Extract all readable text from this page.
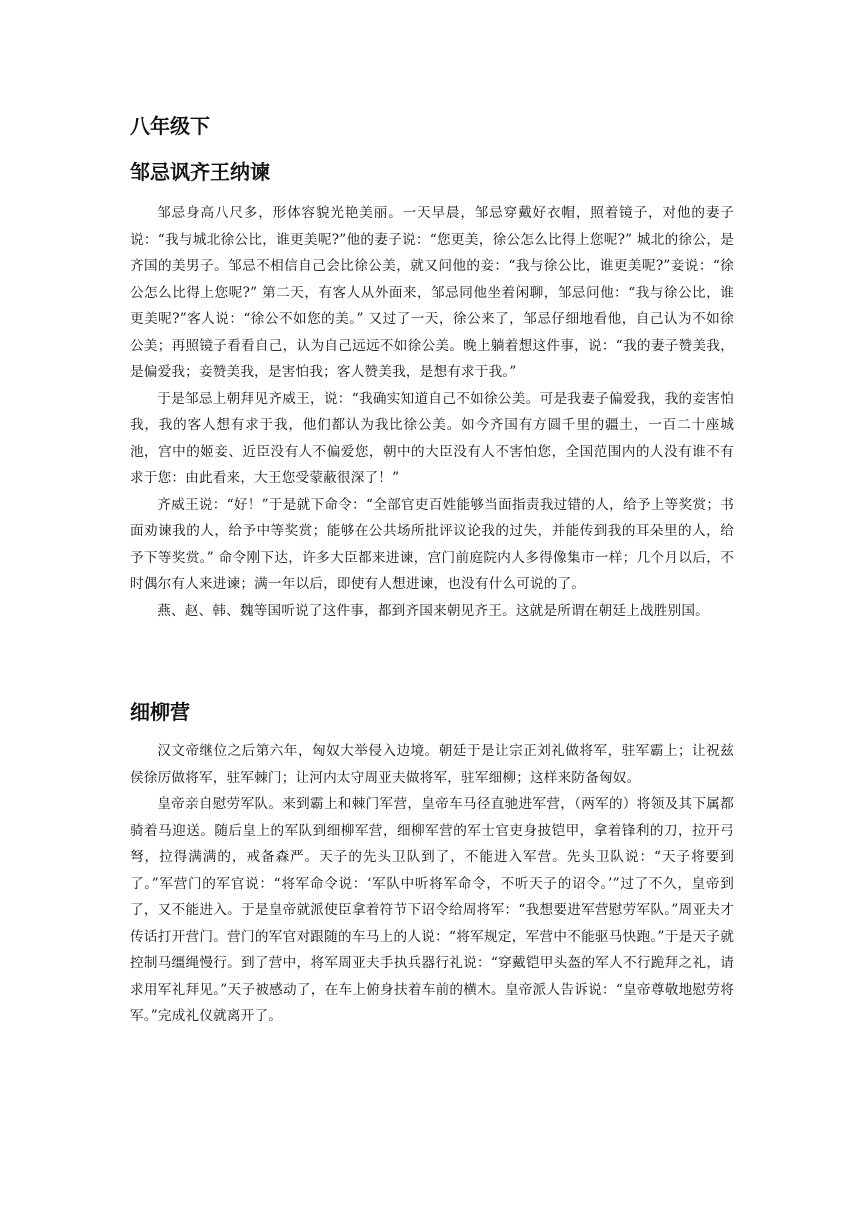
八年级下
邹忌讽齐王纳谏

邹忌身高八尺多，形体容貌光艳美丽。一天早晨，邹忌穿戴好衣帽，照着镜子，对他的妻子说：“我与城北徐公比，谁更美呢?”他的妻子说：“您更美，徐公怎么比得上您呢?” 城北的徐公，是齐国的美男子。邹忌不相信自己会比徐公美，就又问他的妾：“我与徐公比，谁更美呢?”妾说：“徐公怎么比得上您呢?” 第二天，有客人从外面来，邹忌同他坐着闲聊，邹忌问他：“我与徐公比，谁更美呢?”客人说：“徐公不如您的美。” 又过了一天，徐公来了，邹忌仔细地看他，自己认为不如徐公美；再照镜子看看自己，认为自己远远不如徐公美。晚上躺着想这件事，说：“我的妻子赞美我，是偏爱我；妾赞美我，是害怕我；客人赞美我，是想有求于我。”

于是邹忌上朝拜见齐威王，说：“我确实知道自己不如徐公美。可是我妻子偏爱我，我的妾害怕我，我的客人想有求于我，他们都认为我比徐公美。如今齐国有方圆千里的疆土，一百二十座城池，宫中的姬妾、近臣没有人不偏爱您，朝中的大臣没有人不害怕您，全国范围内的人没有谁不有求于您：由此看来，大王您受蒙蔽很深了！”

齐威王说：“好！”于是就下命令：“全部官吏百姓能够当面指责我过错的人，给予上等奖赏；书面劝谏我的人，给予中等奖赏；能够在公共场所批评议论我的过失，并能传到我的耳朵里的人，给予下等奖赏。” 命令刚下达，许多大臣都来进谏，宫门前庭院内人多得像集市一样；几个月以后，不时偶尔有人来进谏；满一年以后，即使有人想进谏，也没有什么可说的了。

燕、赵、韩、魏等国听说了这件事，都到齐国来朝见齐王。这就是所谓在朝廷上战胜别国。

细柳营

汉文帝继位之后第六年，匈奴大举侵入边境。朝廷于是让宗正刘礼做将军，驻军霸上；让祝兹侯徐厉做将军，驻军棘门；让河内太守周亚夫做将军，驻军细柳；这样来防备匈奴。

皇帝亲自慰劳军队。来到霸上和棘门军营，皇帝车马径直驰进军营，（两军的）将领及其下属都骑着马迎送。随后皇上的军队到细柳军营，细柳军营的军士官吏身披铠甲，拿着锋利的刀，拉开弓弩，拉得满满的，戒备森严。天子的先头卫队到了，不能进入军营。先头卫队说：“天子将要到了。”军营门的军官说：“将军命令说：‘军队中听将军命令，不听天子的诏令。’”过了不久，皇帝到了，又不能进入。于是皇帝就派使臣拿着符节下诏令给周将军：“我想要进军营慰劳军队。”周亚夫才传话打开营门。营门的军官对跟随的车马上的人说：“将军规定，军营中不能驱马快跑。”于是天子就控制马缰绳慢行。到了营中，将军周亚夫手执兵器行礼说：“穿戴铠甲头盔的军人不行跪拜之礼，请求用军礼拜见。”天子被感动了，在车上俯身扶着车前的横木。皇帝派人告诉说：“皇帝尊敬地慰劳将军。”完成礼仪就离开了。
